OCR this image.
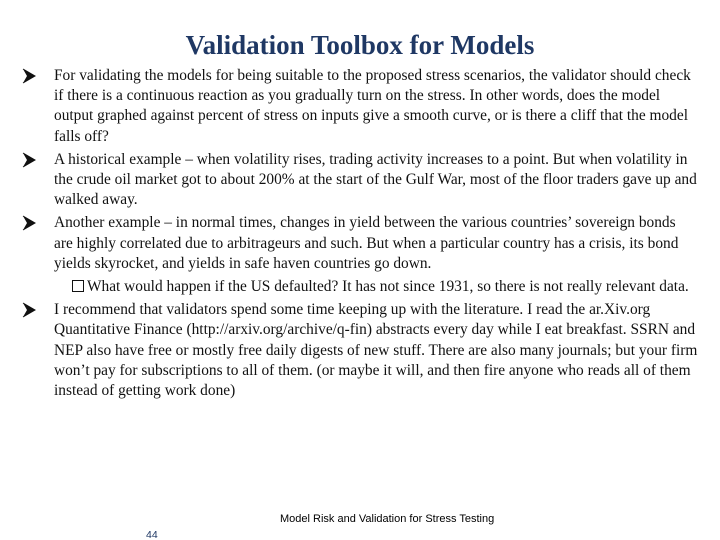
Validation Toolbox for Models
For validating the models for being suitable to the proposed stress scenarios, the validator should check if there is a continuous reaction as you gradually turn on the stress. In other words, does the model output graphed against percent of stress on inputs give a smooth curve, or is there a cliff that the model falls off?
A historical example – when volatility rises, trading activity increases to a point. But when volatility in the crude oil market got to about 200% at the start of the Gulf War, most of the floor traders gave up and walked away.
Another example – in normal times, changes in yield between the various countries’ sovereign bonds are highly correlated due to arbitrageurs and such. But when a particular country has a crisis, its bond yields skyrocket, and yields in safe haven countries go down.
What would happen if the US defaulted? It has not since 1931, so there is not really relevant data.
I recommend that validators spend some time keeping up with the literature. I read the ar.Xiv.org Quantitative Finance (http://arxiv.org/archive/q-fin) abstracts every day while I eat breakfast. SSRN and NEP also have free or mostly free daily digests of new stuff. There are also many journals; but your firm won’t pay for subscriptions to all of them. (or maybe it will, and then fire anyone who reads all of them instead of getting work done)
Model Risk and Validation for Stress Testing
44
